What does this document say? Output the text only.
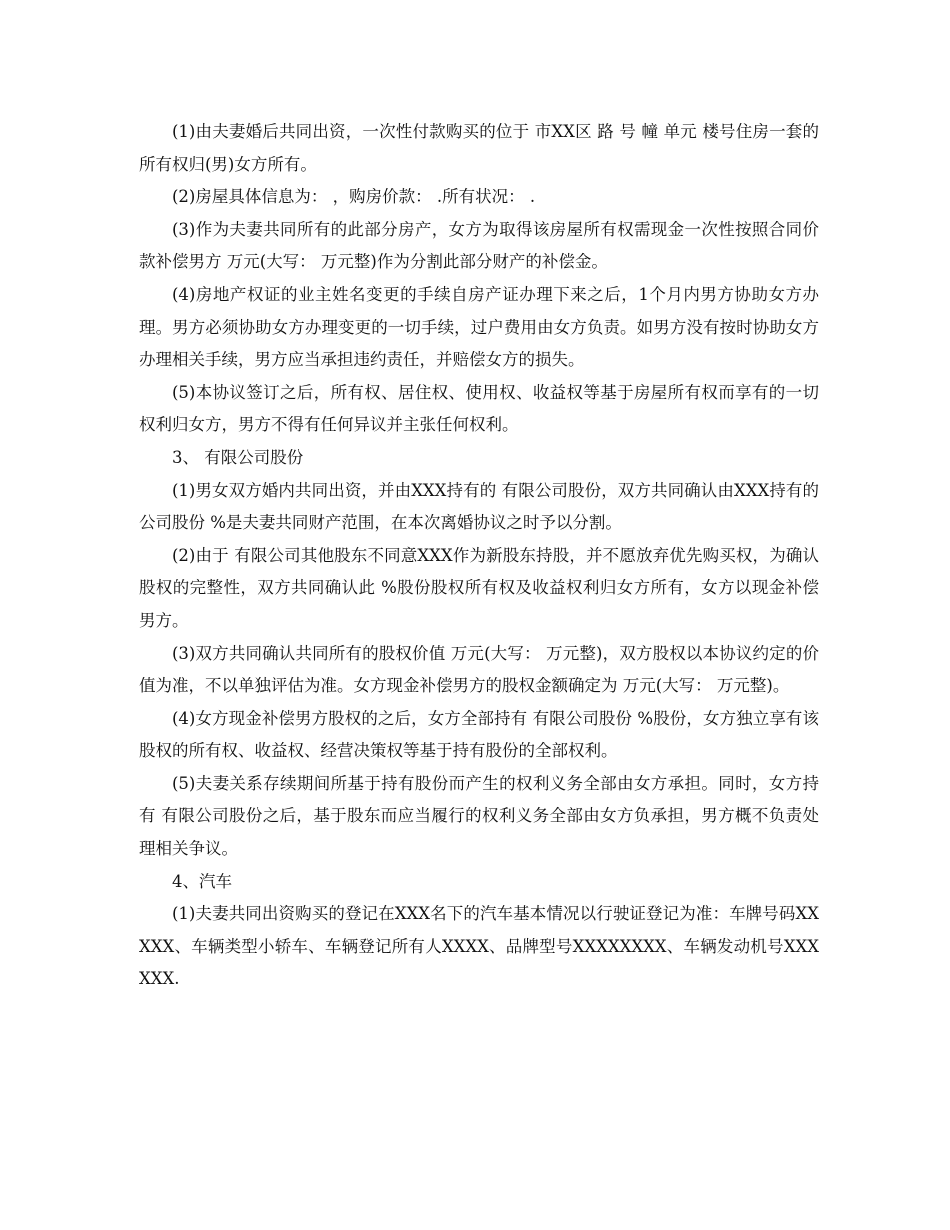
(1)由夫妻婚后共同出资，一次性付款购买的位于 市XX区 路 号 幢 单元 楼号住房一套的所有权归(男)女方所有。

(2)房屋具体信息为： ，购房价款： .所有状况： .

(3)作为夫妻共同所有的此部分房产，女方为取得该房屋所有权需现金一次性按照合同价款补偿男方 万元(大写： 万元整)作为分割此部分财产的补偿金。

(4)房地产权证的业主姓名变更的手续自房产证办理下来之后，1个月内男方协助女方办理。男方必须协助女方办理变更的一切手续，过户费用由女方负责。如男方没有按时协助女方办理相关手续，男方应当承担违约责任，并赔偿女方的损失。

(5)本协议签订之后，所有权、居住权、使用权、收益权等基于房屋所有权而享有的一切权利归女方，男方不得有任何异议并主张任何权利。

3、 有限公司股份

(1)男女双方婚内共同出资，并由XXX持有的 有限公司股份，双方共同确认由XXX持有的公司股份 %是夫妻共同财产范围，在本次离婚协议之时予以分割。

(2)由于 有限公司其他股东不同意XXX作为新股东持股，并不愿放弃优先购买权，为确认股权的完整性，双方共同确认此 %股份股权所有权及收益权利归女方所有，女方以现金补偿男方。

(3)双方共同确认共同所有的股权价值 万元(大写： 万元整)，双方股权以本协议约定的价值为准，不以单独评估为准。女方现金补偿男方的股权金额确定为 万元(大写： 万元整)。

(4)女方现金补偿男方股权的之后，女方全部持有 有限公司股份 %股份，女方独立享有该股权的所有权、收益权、经营决策权等基于持有股份的全部权利。

(5)夫妻关系存续期间所基于持有股份而产生的权利义务全部由女方承担。同时，女方持有 有限公司股份之后，基于股东而应当履行的权利义务全部由女方负承担，男方概不负责处理相关争议。

4、汽车

(1)夫妻共同出资购买的登记在XXX名下的汽车基本情况以行驶证登记为准：车牌号码XXXXX、车辆类型小轿车、车辆登记所有人XXXX、品牌型号XXXXXXXX、车辆发动机号XXXXXX.
